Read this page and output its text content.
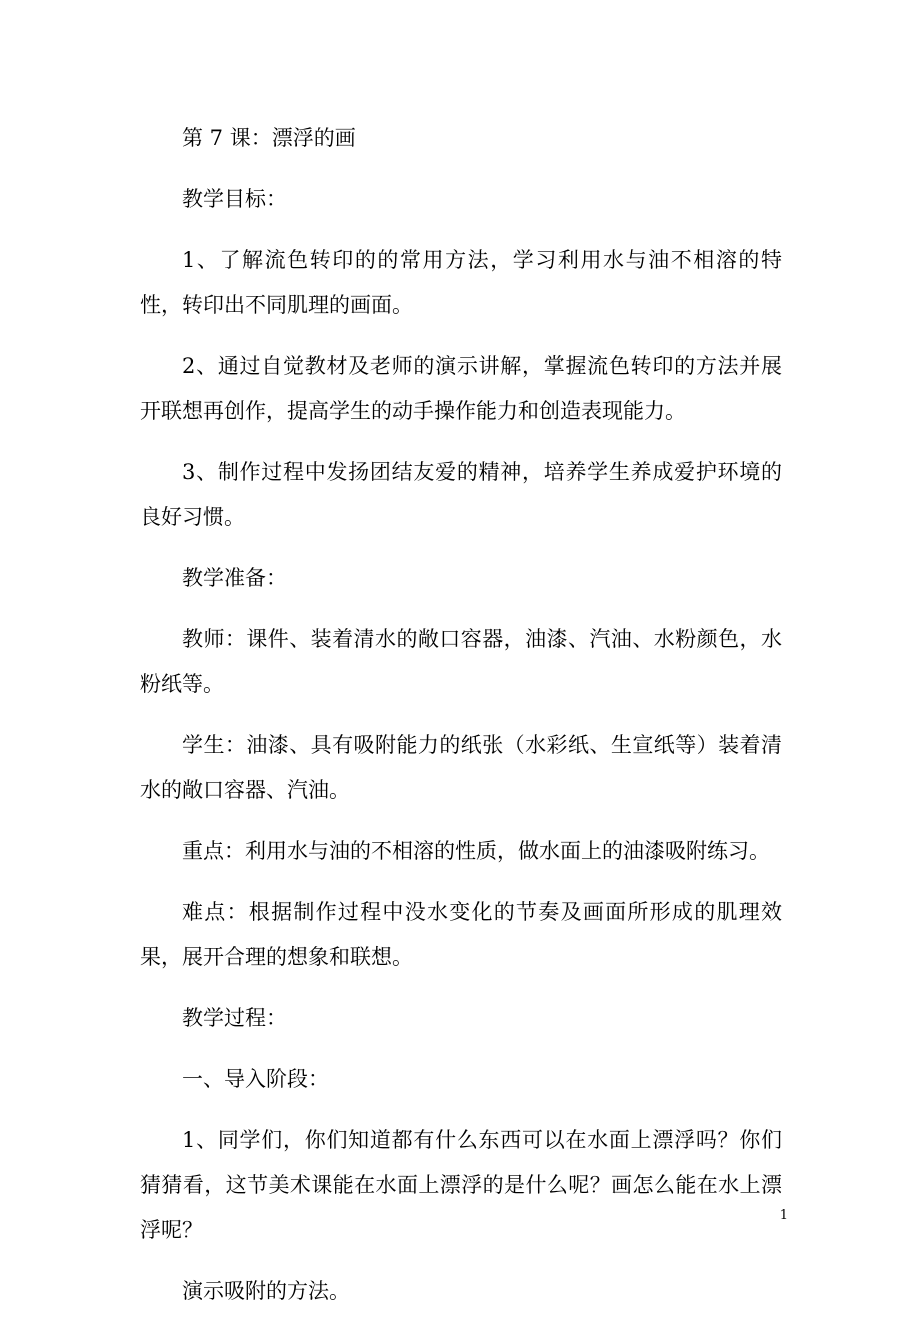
第 7 课：漂浮的画

教学目标：

1、了解流色转印的的常用方法，学习利用水与油不相溶的特性，转印出不同肌理的画面。

2、通过自觉教材及老师的演示讲解，掌握流色转印的方法并展开联想再创作，提高学生的动手操作能力和创造表现能力。

3、制作过程中发扬团结友爱的精神，培养学生养成爱护环境的良好习惯。

教学准备：

教师：课件、装着清水的敞口容器，油漆、汽油、水粉颜色，水粉纸等。

学生：油漆、具有吸附能力的纸张（水彩纸、生宣纸等）装着清水的敞口容器、汽油。

重点：利用水与油的不相溶的性质，做水面上的油漆吸附练习。

难点：根据制作过程中没水变化的节奏及画面所形成的肌理效果，展开合理的想象和联想。

教学过程：

一、导入阶段：

1、同学们，你们知道都有什么东西可以在水面上漂浮吗？你们猜猜看，这节美术课能在水面上漂浮的是什么呢？画怎么能在水上漂浮呢？

演示吸附的方法。

1
